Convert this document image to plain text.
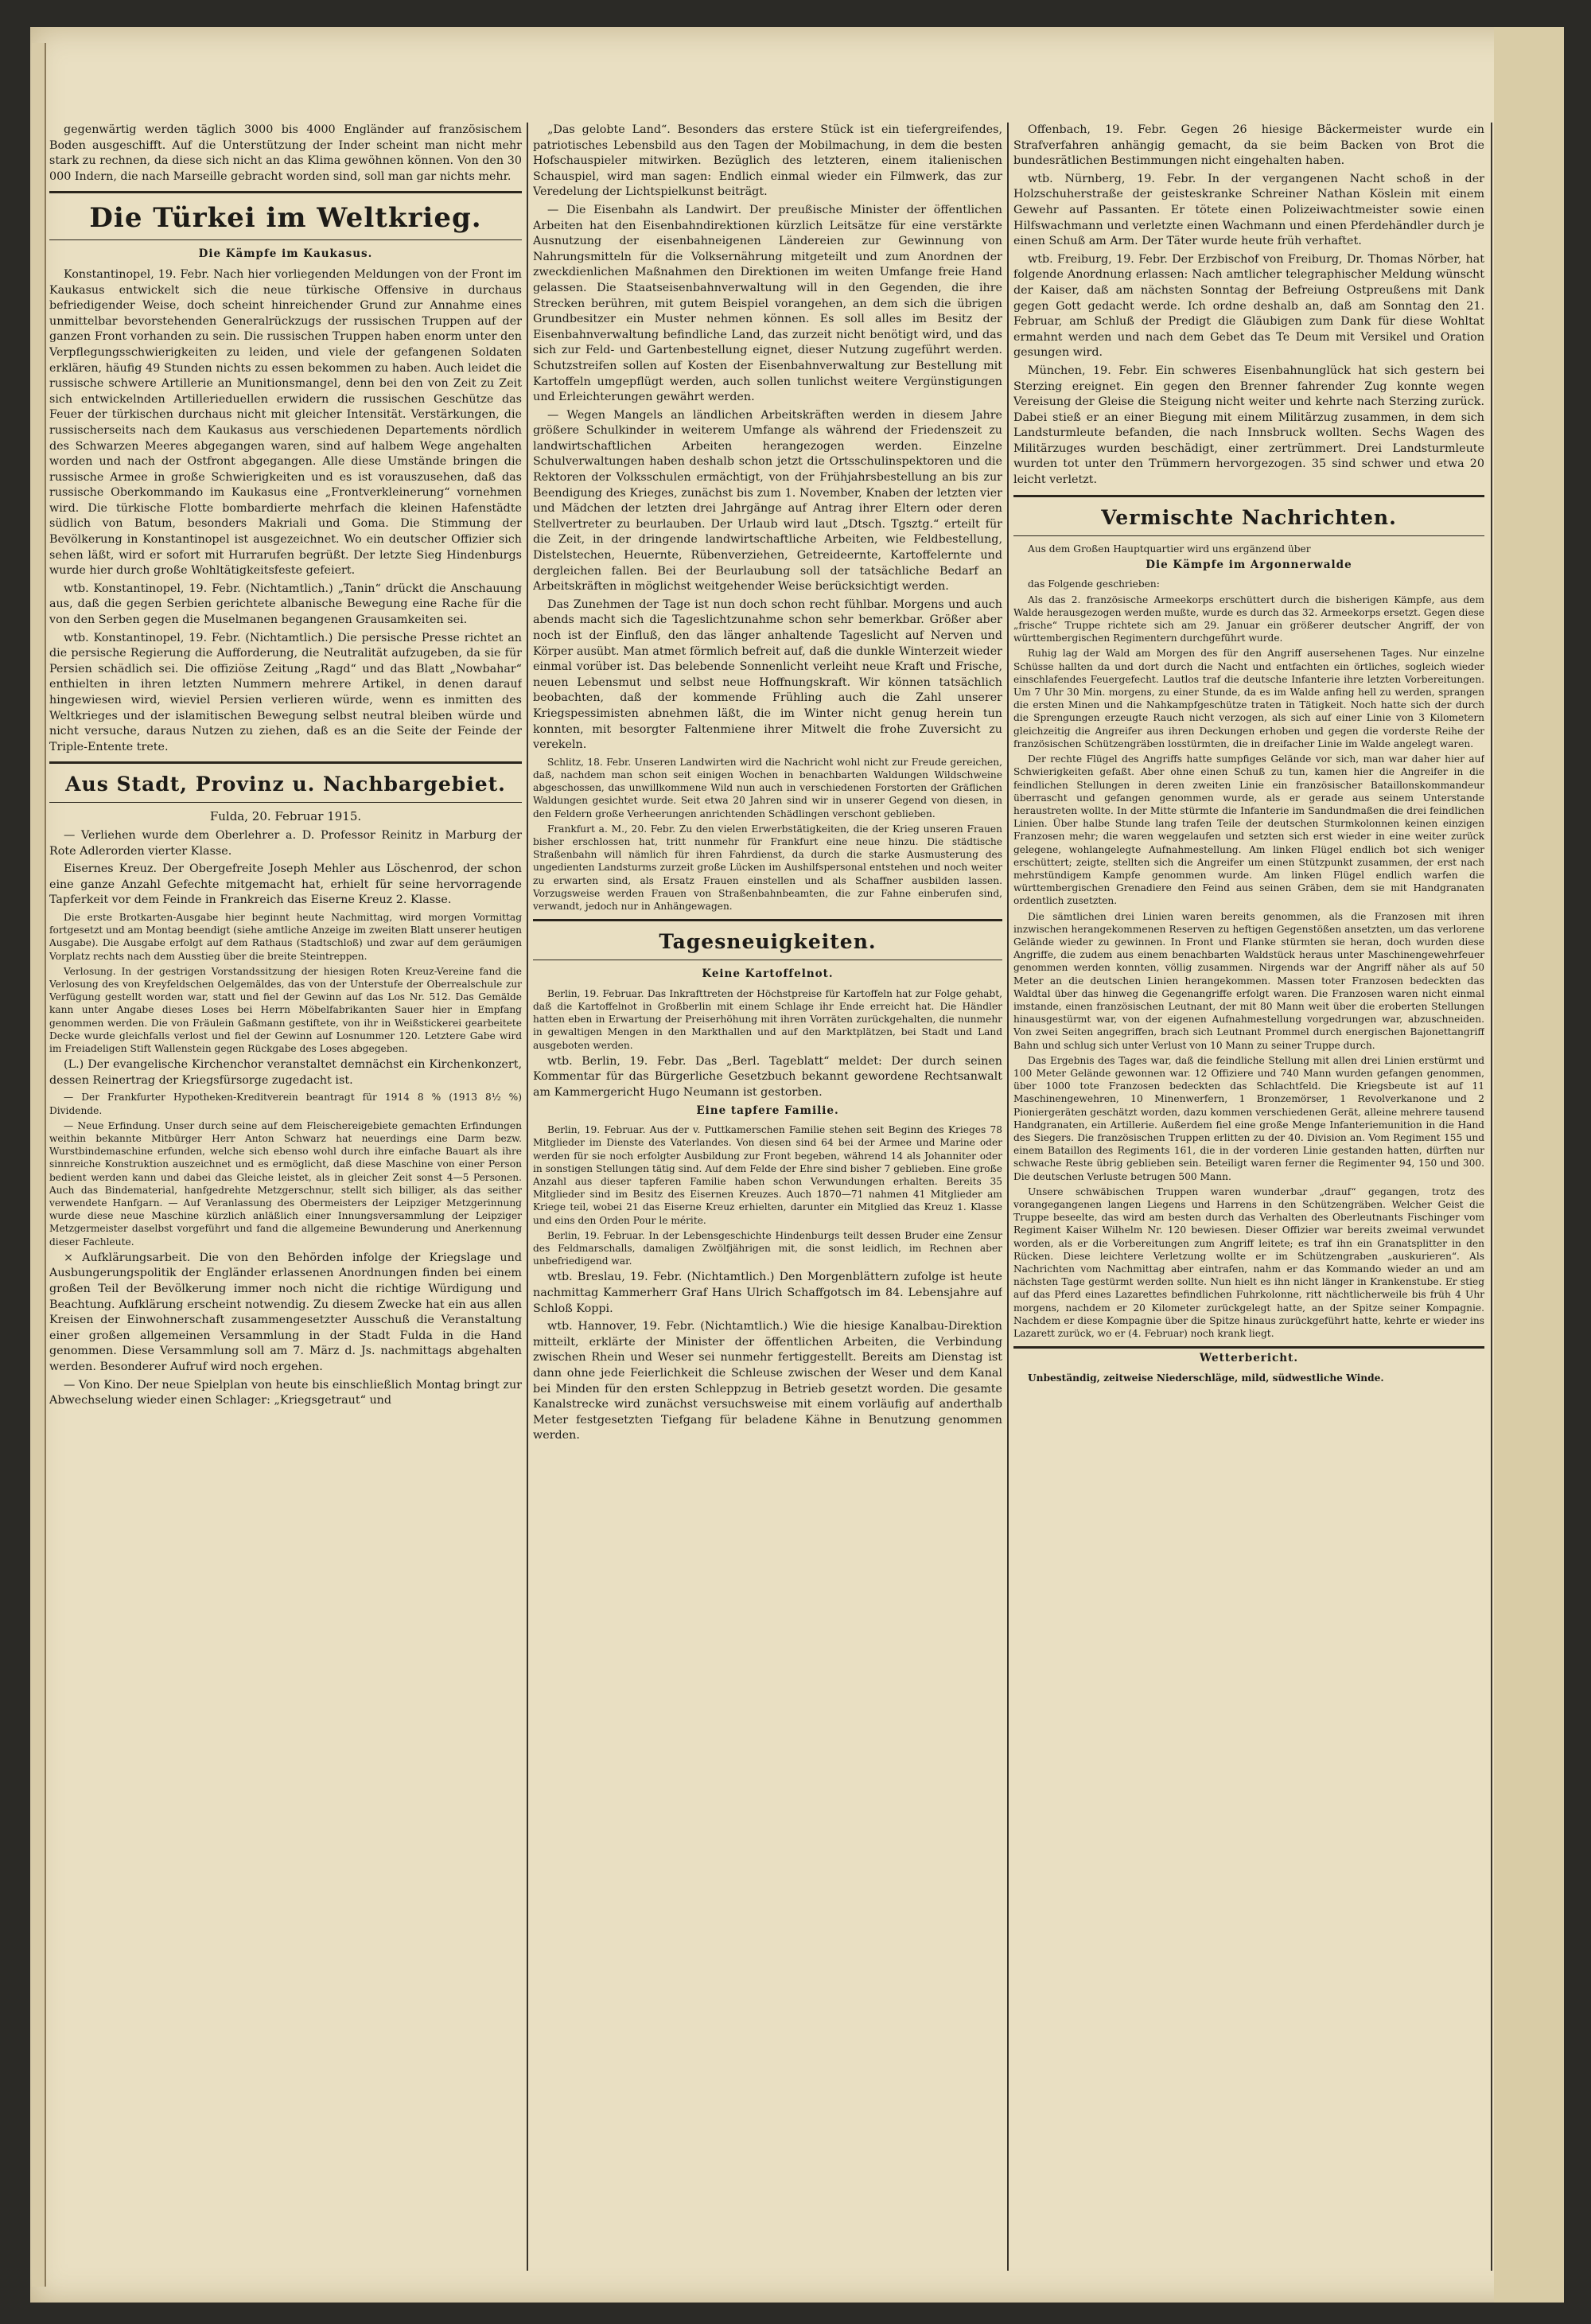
gegenwärtig werden täglich 3000 bis 4000 Engländer auf französischem Boden ausgeschifft. Auf die Unterstützung der Inder scheint man nicht mehr stark zu rechnen, da diese sich nicht an das Klima gewöhnen können. Von den 30 000 Indern, die nach Marseille gebracht worden sind, soll man gar nichts mehr.

Die Türkei im Weltkrieg.
Die Kämpfe im Kaukasus.

Konstantinopel, 19. Febr. Nach hier vorliegenden Meldungen von der Front im Kaukasus entwickelt sich die neue türkische Offensive in durchaus befriedigender Weise, doch scheint hinreichender Grund zur Annahme eines unmittelbar bevorstehenden Generalrückzugs der russischen Truppen auf der ganzen Front vorhanden zu sein. Die russischen Truppen haben enorm unter den Verpflegungsschwierigkeiten zu leiden, und viele der gefangenen Soldaten erklären, häufig 49 Stunden nichts zu essen bekommen zu haben. Auch leidet die russische schwere Artillerie an Munitionsmangel, denn bei den von Zeit zu Zeit sich entwickelnden Artillerieduellen erwidern die russischen Geschütze das Feuer der türkischen durchaus nicht mit gleicher Intensität. Verstärkungen, die russischerseits nach dem Kaukasus aus verschiedenen Departements nördlich des Schwarzen Meeres abgegangen waren, sind auf halbem Wege angehalten worden und nach der Ostfront abgegangen. Alle diese Umstände bringen die russische Armee in große Schwierigkeiten und es ist vorauszusehen, daß das russische Oberkommando im Kaukasus eine „Frontverkleinerung“ vornehmen wird. Die türkische Flotte bombardierte mehrfach die kleinen Hafenstädte südlich von Batum, besonders Makriali und Goma. Die Stimmung der Bevölkerung in Konstantinopel ist ausgezeichnet. Wo ein deutscher Offizier sich sehen läßt, wird er sofort mit Hurrarufen begrüßt. Der letzte Sieg Hindenburgs wurde hier durch große Wohltätigkeitsfeste gefeiert.

wtb. Konstantinopel, 19. Febr. (Nichtamtlich.) „Tanin“ drückt die Anschauung aus, daß die gegen Serbien gerichtete albanische Bewegung eine Rache für die von den Serben gegen die Muselmanen begangenen Grausamkeiten sei.

wtb. Konstantinopel, 19. Febr. (Nichtamtlich.) Die persische Presse richtet an die persische Regierung die Aufforderung, die Neutralität aufzugeben, da sie für Persien schädlich sei. Die offiziöse Zeitung „Ragd“ und das Blatt „Nowbahar“ enthielten in ihren letzten Nummern mehrere Artikel, in denen darauf hingewiesen wird, wieviel Persien verlieren würde, wenn es inmitten des Weltkrieges und der islamitischen Bewegung selbst neutral bleiben würde und nicht versuche, daraus Nutzen zu ziehen, daß es an die Seite der Feinde der Triple-Entente trete.

Aus Stadt, Provinz u. Nachbargebiet.
Fulda, 20. Februar 1915.

— Verliehen wurde dem Oberlehrer a. D. Professor Reinitz in Marburg der Rote Adlerorden vierter Klasse.

Eisernes Kreuz. Der Obergefreite Joseph Mehler aus Löschenrod, der schon eine ganze Anzahl Gefechte mitgemacht hat, erhielt für seine hervorragende Tapferkeit vor dem Feinde in Frankreich das Eiserne Kreuz 2. Klasse.

Die erste Brotkarten-Ausgabe hier beginnt heute Nachmittag, wird morgen Vormittag fortgesetzt und am Montag beendigt (siehe amtliche Anzeige im zweiten Blatt unserer heutigen Ausgabe). Die Ausgabe erfolgt auf dem Rathaus (Stadtschloß) und zwar auf dem geräumigen Vorplatz rechts nach dem Ausstieg über die breite Steintreppen.

Verlosung. In der gestrigen Vorstandssitzung der hiesigen Roten Kreuz-Vereine fand die Verlosung des von Kreyfeldschen Oelgemäldes, das von der Unterstufe der Oberrealschule zur Verfügung gestellt worden war, statt und fiel der Gewinn auf das Los Nr. 512. Das Gemälde kann unter Angabe dieses Loses bei Herrn Möbelfabrikanten Sauer hier in Empfang genommen werden. Die von Fräulein Gaßmann gestiftete, von ihr in Weißstickerei gearbeitete Decke wurde gleichfalls verlost und fiel der Gewinn auf Losnummer 120. Letztere Gabe wird im Freiadeligen Stift Wallenstein gegen Rückgabe des Loses abgegeben.

(L.) Der evangelische Kirchenchor veranstaltet demnächst ein Kirchenkonzert, dessen Reinertrag der Kriegsfürsorge zugedacht ist.

— Der Frankfurter Hypotheken-Kreditverein beantragt für 1914 8 % (1913 8½ %) Dividende.

— Neue Erfindung. Unser durch seine auf dem Fleischereigebiete gemachten Erfindungen weithin bekannte Mitbürger Herr Anton Schwarz hat neuerdings eine Darm bezw. Wurstbindemaschine erfunden, welche sich ebenso wohl durch ihre einfache Bauart als ihre sinnreiche Konstruktion auszeichnet und es ermöglicht, daß diese Maschine von einer Person bedient werden kann und dabei das Gleiche leistet, als in gleicher Zeit sonst 4—5 Personen. Auch das Bindematerial, hanfgedrehte Metzgerschnur, stellt sich billiger, als das seither verwendete Hanfgarn. — Auf Veranlassung des Obermeisters der Leipziger Metzgerinnung wurde diese neue Maschine kürzlich anläßlich einer Innungsversammlung der Leipziger Metzgermeister daselbst vorgeführt und fand die allgemeine Bewunderung und Anerkennung dieser Fachleute.

× Aufklärungsarbeit. Die von den Behörden infolge der Kriegslage und Ausbungerungspolitik der Engländer erlassenen Anordnungen finden bei einem großen Teil der Bevölkerung immer noch nicht die richtige Würdigung und Beachtung. Aufklärung erscheint notwendig. Zu diesem Zwecke hat ein aus allen Kreisen der Einwohnerschaft zusammengesetzter Ausschuß die Veranstaltung einer großen allgemeinen Versammlung in der Stadt Fulda in die Hand genommen. Diese Versammlung soll am 7. März d. Js. nachmittags abgehalten werden. Besonderer Aufruf wird noch ergehen.

— Von Kino. Der neue Spielplan von heute bis einschließlich Montag bringt zur Abwechselung wieder einen Schlager: „Kriegsgetraut“ und

„Das gelobte Land“. Besonders das erstere Stück ist ein tiefergreifendes, patriotisches Lebensbild aus den Tagen der Mobilmachung, in dem die besten Hofschauspieler mitwirken. Bezüglich des letzteren, einem italienischen Schauspiel, wird man sagen: Endlich einmal wieder ein Filmwerk, das zur Veredelung der Lichtspielkunst beiträgt.

— Die Eisenbahn als Landwirt. Der preußische Minister der öffentlichen Arbeiten hat den Eisenbahndirektionen kürzlich Leitsätze für eine verstärkte Ausnutzung der eisenbahneigenen Ländereien zur Gewinnung von Nahrungsmitteln für die Volksernährung mitgeteilt und zum Anordnen der zweckdienlichen Maßnahmen den Direktionen im weiten Umfange freie Hand gelassen. Die Staatseisenbahnverwaltung will in den Gegenden, die ihre Strecken berühren, mit gutem Beispiel vorangehen, an dem sich die übrigen Grundbesitzer ein Muster nehmen können. Es soll alles im Besitz der Eisenbahnverwaltung befindliche Land, das zurzeit nicht benötigt wird, und das sich zur Feld- und Gartenbestellung eignet, dieser Nutzung zugeführt werden. Schutzstreifen sollen auf Kosten der Eisenbahnverwaltung zur Bestellung mit Kartoffeln umgepflügt werden, auch sollen tunlichst weitere Vergünstigungen und Erleichterungen gewährt werden.

— Wegen Mangels an ländlichen Arbeitskräften werden in diesem Jahre größere Schulkinder in weiterem Umfange als während der Friedenszeit zu landwirtschaftlichen Arbeiten herangezogen werden. Einzelne Schulverwaltungen haben deshalb schon jetzt die Ortsschulinspektoren und die Rektoren der Volksschulen ermächtigt, von der Frühjahrsbestellung an bis zur Beendigung des Krieges, zunächst bis zum 1. November, Knaben der letzten vier und Mädchen der letzten drei Jahrgänge auf Antrag ihrer Eltern oder deren Stellvertreter zu beurlauben. Der Urlaub wird laut „Dtsch. Tgsztg.“ erteilt für die Zeit, in der dringende landwirtschaftliche Arbeiten, wie Feldbestellung, Distelstechen, Heuernte, Rübenverziehen, Getreideernte, Kartoffelernte und dergleichen fallen. Bei der Beurlaubung soll der tatsächliche Bedarf an Arbeitskräften in möglichst weitgehender Weise berücksichtigt werden.

Das Zunehmen der Tage ist nun doch schon recht fühlbar. Morgens und auch abends macht sich die Tageslichtzunahme schon sehr bemerkbar. Größer aber noch ist der Einfluß, den das länger anhaltende Tageslicht auf Nerven und Körper ausübt. Man atmet förmlich befreit auf, daß die dunkle Winterzeit wieder einmal vorüber ist. Das belebende Sonnenlicht verleiht neue Kraft und Frische, neuen Lebensmut und selbst neue Hoffnungskraft. Wir können tatsächlich beobachten, daß der kommende Frühling auch die Zahl unserer Kriegspessimisten abnehmen läßt, die im Winter nicht genug herein tun konnten, mit besorgter Faltenmiene ihrer Mitwelt die frohe Zuversicht zu verekeln.

Schlitz, 18. Febr. Unseren Landwirten wird die Nachricht wohl nicht zur Freude gereichen, daß, nachdem man schon seit einigen Wochen in benachbarten Waldungen Wildschweine abgeschossen, das unwillkommene Wild nun auch in verschiedenen Forstorten der Gräflichen Waldungen gesichtet wurde. Seit etwa 20 Jahren sind wir in unserer Gegend von diesen, in den Feldern große Verheerungen anrichtenden Schädlingen verschont geblieben.

Frankfurt a. M., 20. Febr. Zu den vielen Erwerbstätigkeiten, die der Krieg unseren Frauen bisher erschlossen hat, tritt nunmehr für Frankfurt eine neue hinzu. Die städtische Straßenbahn will nämlich für ihren Fahrdienst, da durch die starke Ausmusterung des ungedienten Landsturms zurzeit große Lücken im Aushilfspersonal entstehen und noch weiter zu erwarten sind, als Ersatz Frauen einstellen und als Schaffner ausbilden lassen. Vorzugsweise werden Frauen von Straßenbahnbeamten, die zur Fahne einberufen sind, verwandt, jedoch nur in Anhängewagen.

Tagesneuigkeiten.
Keine Kartoffelnot.

Berlin, 19. Februar. Das Inkrafttreten der Höchstpreise für Kartoffeln hat zur Folge gehabt, daß die Kartoffelnot in Großberlin mit einem Schlage ihr Ende erreicht hat. Die Händler hatten eben in Erwartung der Preiserhöhung mit ihren Vorräten zurückgehalten, die nunmehr in gewaltigen Mengen in den Markthallen und auf den Marktplätzen, bei Stadt und Land ausgeboten werden.

wtb. Berlin, 19. Febr. Das „Berl. Tageblatt“ meldet: Der durch seinen Kommentar für das Bürgerliche Gesetzbuch bekannt gewordene Rechtsanwalt am Kammergericht Hugo Neumann ist gestorben.

Eine tapfere Familie.

Berlin, 19. Februar. Aus der v. Puttkamerschen Familie stehen seit Beginn des Krieges 78 Mitglieder im Dienste des Vaterlandes. Von diesen sind 64 bei der Armee und Marine oder werden für sie noch erfolgter Ausbildung zur Front begeben, während 14 als Johanniter oder in sonstigen Stellungen tätig sind. Auf dem Felde der Ehre sind bisher 7 geblieben. Eine große Anzahl aus dieser tapferen Familie haben schon Verwundungen erhalten. Bereits 35 Mitglieder sind im Besitz des Eisernen Kreuzes. Auch 1870—71 nahmen 41 Mitglieder am Kriege teil, wobei 21 das Eiserne Kreuz erhielten, darunter ein Mitglied das Kreuz 1. Klasse und eins den Orden Pour le mérite.

Berlin, 19. Februar. In der Lebensgeschichte Hindenburgs teilt dessen Bruder eine Zensur des Feldmarschalls, damaligen Zwölfjährigen mit, die sonst leidlich, im Rechnen aber unbefriedigend war.

wtb. Breslau, 19. Febr. (Nichtamtlich.) Den Morgenblättern zufolge ist heute nachmittag Kammerherr Graf Hans Ulrich Schaffgotsch im 84. Lebensjahre auf Schloß Koppi.

wtb. Hannover, 19. Febr. (Nichtamtlich.) Wie die hiesige Kanalbau-Direktion mitteilt, erklärte der Minister der öffentlichen Arbeiten, die Verbindung zwischen Rhein und Weser sei nunmehr fertiggestellt. Bereits am Dienstag ist dann ohne jede Feierlichkeit die Schleuse zwischen der Weser und dem Kanal bei Minden für den ersten Schleppzug in Betrieb gesetzt worden. Die gesamte Kanalstrecke wird zunächst versuchsweise mit einem vorläufig auf anderthalb Meter festgesetzten Tiefgang für beladene Kähne in Benutzung genommen werden.

Offenbach, 19. Febr. Gegen 26 hiesige Bäckermeister wurde ein Strafverfahren anhängig gemacht, da sie beim Backen von Brot die bundesrätlichen Bestimmungen nicht eingehalten haben.

wtb. Nürnberg, 19. Febr. In der vergangenen Nacht schoß in der Holzschuherstraße der geisteskranke Schreiner Nathan Köslein mit einem Gewehr auf Passanten. Er tötete einen Polizeiwachtmeister sowie einen Hilfswachmann und verletzte einen Wachmann und einen Pferdehändler durch je einen Schuß am Arm. Der Täter wurde heute früh verhaftet.

wtb. Freiburg, 19. Febr. Der Erzbischof von Freiburg, Dr. Thomas Nörber, hat folgende Anordnung erlassen: Nach amtlicher telegraphischer Meldung wünscht der Kaiser, daß am nächsten Sonntag der Befreiung Ostpreußens mit Dank gegen Gott gedacht werde. Ich ordne deshalb an, daß am Sonntag den 21. Februar, am Schluß der Predigt die Gläubigen zum Dank für diese Wohltat ermahnt werden und nach dem Gebet das Te Deum mit Versikel und Oration gesungen wird.

München, 19. Febr. Ein schweres Eisenbahnunglück hat sich gestern bei Sterzing ereignet. Ein gegen den Brenner fahrender Zug konnte wegen Vereisung der Gleise die Steigung nicht weiter und kehrte nach Sterzing zurück. Dabei stieß er an einer Biegung mit einem Militärzug zusammen, in dem sich Landsturmleute befanden, die nach Innsbruck wollten. Sechs Wagen des Militärzuges wurden beschädigt, einer zertrümmert. Drei Landsturmleute wurden tot unter den Trümmern hervorgezogen. 35 sind schwer und etwa 20 leicht verletzt.

Vermischte Nachrichten.

Aus dem Großen Hauptquartier wird uns ergänzend über

Die Kämpfe im Argonnerwalde

das Folgende geschrieben:

Als das 2. französische Armeekorps erschüttert durch die bisherigen Kämpfe, aus dem Walde herausgezogen werden mußte, wurde es durch das 32. Armeekorps ersetzt. Gegen diese „frische“ Truppe richtete sich am 29. Januar ein größerer deutscher Angriff, der von württembergischen Regimentern durchgeführt wurde.

Ruhig lag der Wald am Morgen des für den Angriff ausersehenen Tages. Nur einzelne Schüsse hallten da und dort durch die Nacht und entfachten ein örtliches, sogleich wieder einschlafendes Feuergefecht. Lautlos traf die deutsche Infanterie ihre letzten Vorbereitungen. Um 7 Uhr 30 Min. morgens, zu einer Stunde, da es im Walde anfing hell zu werden, sprangen die ersten Minen und die Nahkampfgeschütze traten in Tätigkeit. Noch hatte sich der durch die Sprengungen erzeugte Rauch nicht verzogen, als sich auf einer Linie von 3 Kilometern gleichzeitig die Angreifer aus ihren Deckungen erhoben und gegen die vorderste Reihe der französischen Schützengräben losstürmten, die in dreifacher Linie im Walde angelegt waren.

Der rechte Flügel des Angriffs hatte sumpfiges Gelände vor sich, man war daher hier auf Schwierigkeiten gefaßt. Aber ohne einen Schuß zu tun, kamen hier die Angreifer in die feindlichen Stellungen in deren zweiten Linie ein französischer Bataillonskommandeur überrascht und gefangen genommen wurde, als er gerade aus seinem Unterstande heraustreten wollte. In der Mitte stürmte die Infanterie im Sandundmaßen die drei feindlichen Linien. Über halbe Stunde lang trafen Teile der deutschen Sturmkolonnen keinen einzigen Franzosen mehr; die waren weggelaufen und setzten sich erst wieder in eine weiter zurück gelegene, wohlangelegte Aufnahmestellung. Am linken Flügel endlich bot sich weniger erschüttert; zeigte, stellten sich die Angreifer um einen Stützpunkt zusammen, der erst nach mehrstündigem Kampfe genommen wurde. Am linken Flügel endlich warfen die württembergischen Grenadiere den Feind aus seinen Gräben, dem sie mit Handgranaten ordentlich zusetzten.

Die sämtlichen drei Linien waren bereits genommen, als die Franzosen mit ihren inzwischen herangekommenen Reserven zu heftigen Gegenstößen ansetzten, um das verlorene Gelände wieder zu gewinnen. In Front und Flanke stürmten sie heran, doch wurden diese Angriffe, die zudem aus einem benachbarten Waldstück heraus unter Maschinengewehrfeuer genommen werden konnten, völlig zusammen. Nirgends war der Angriff näher als auf 50 Meter an die deutschen Linien herangekommen. Massen toter Franzosen bedeckten das Waldtal über das hinweg die Gegenangriffe erfolgt waren. Die Franzosen waren nicht einmal imstande, einen französischen Leutnant, der mit 80 Mann weit über die eroberten Stellungen hinausgestürmt war, von der eigenen Aufnahmestellung vorgedrungen war, abzuschneiden. Von zwei Seiten angegriffen, brach sich Leutnant Prommel durch energischen Bajonettangriff Bahn und schlug sich unter Verlust von 10 Mann zu seiner Truppe durch.

Das Ergebnis des Tages war, daß die feindliche Stellung mit allen drei Linien erstürmt und 100 Meter Gelände gewonnen war. 12 Offiziere und 740 Mann wurden gefangen genommen, über 1000 tote Franzosen bedeckten das Schlachtfeld. Die Kriegsbeute ist auf 11 Maschinengewehren, 10 Minenwerfern, 1 Bronzemörser, 1 Revolverkanone und 2 Pioniergeräten geschätzt worden, dazu kommen verschiedenen Gerät, alleine mehrere tausend Handgranaten, ein Artillerie. Außerdem fiel eine große Menge Infanteriemunition in die Hand des Siegers. Die französischen Truppen erlitten zu der 40. Division an. Vom Regiment 155 und einem Bataillon des Regiments 161, die in der vorderen Linie gestanden hatten, dürften nur schwache Reste übrig geblieben sein. Beteiligt waren ferner die Regimenter 94, 150 und 300. Die deutschen Verluste betrugen 500 Mann.

Unsere schwäbischen Truppen waren wunderbar „drauf“ gegangen, trotz des vorangegangenen langen Liegens und Harrens in den Schützengräben. Welcher Geist die Truppe beseelte, das wird am besten durch das Verhalten des Oberleutnants Fischinger vom Regiment Kaiser Wilhelm Nr. 120 bewiesen. Dieser Offizier war bereits zweimal verwundet worden, als er die Vorbereitungen zum Angriff leitete; es traf ihn ein Granatsplitter in den Rücken. Diese leichtere Verletzung wollte er im Schützengraben „auskurieren“. Als Nachrichten vom Nachmittag aber eintrafen, nahm er das Kommando wieder an und am nächsten Tage gestürmt werden sollte. Nun hielt es ihn nicht länger in Krankenstube. Er stieg auf das Pferd eines Lazarettes befindlichen Fuhrkolonne, ritt nächtlicherweile bis früh 4 Uhr morgens, nachdem er 20 Kilometer zurückgelegt hatte, an der Spitze seiner Kompagnie. Nachdem er diese Kompagnie über die Spitze hinaus zurückgeführt hatte, kehrte er wieder ins Lazarett zurück, wo er (4. Februar) noch krank liegt.

Wetterbericht.

Unbeständig, zeitweise Niederschläge, mild, südwestliche Winde.
